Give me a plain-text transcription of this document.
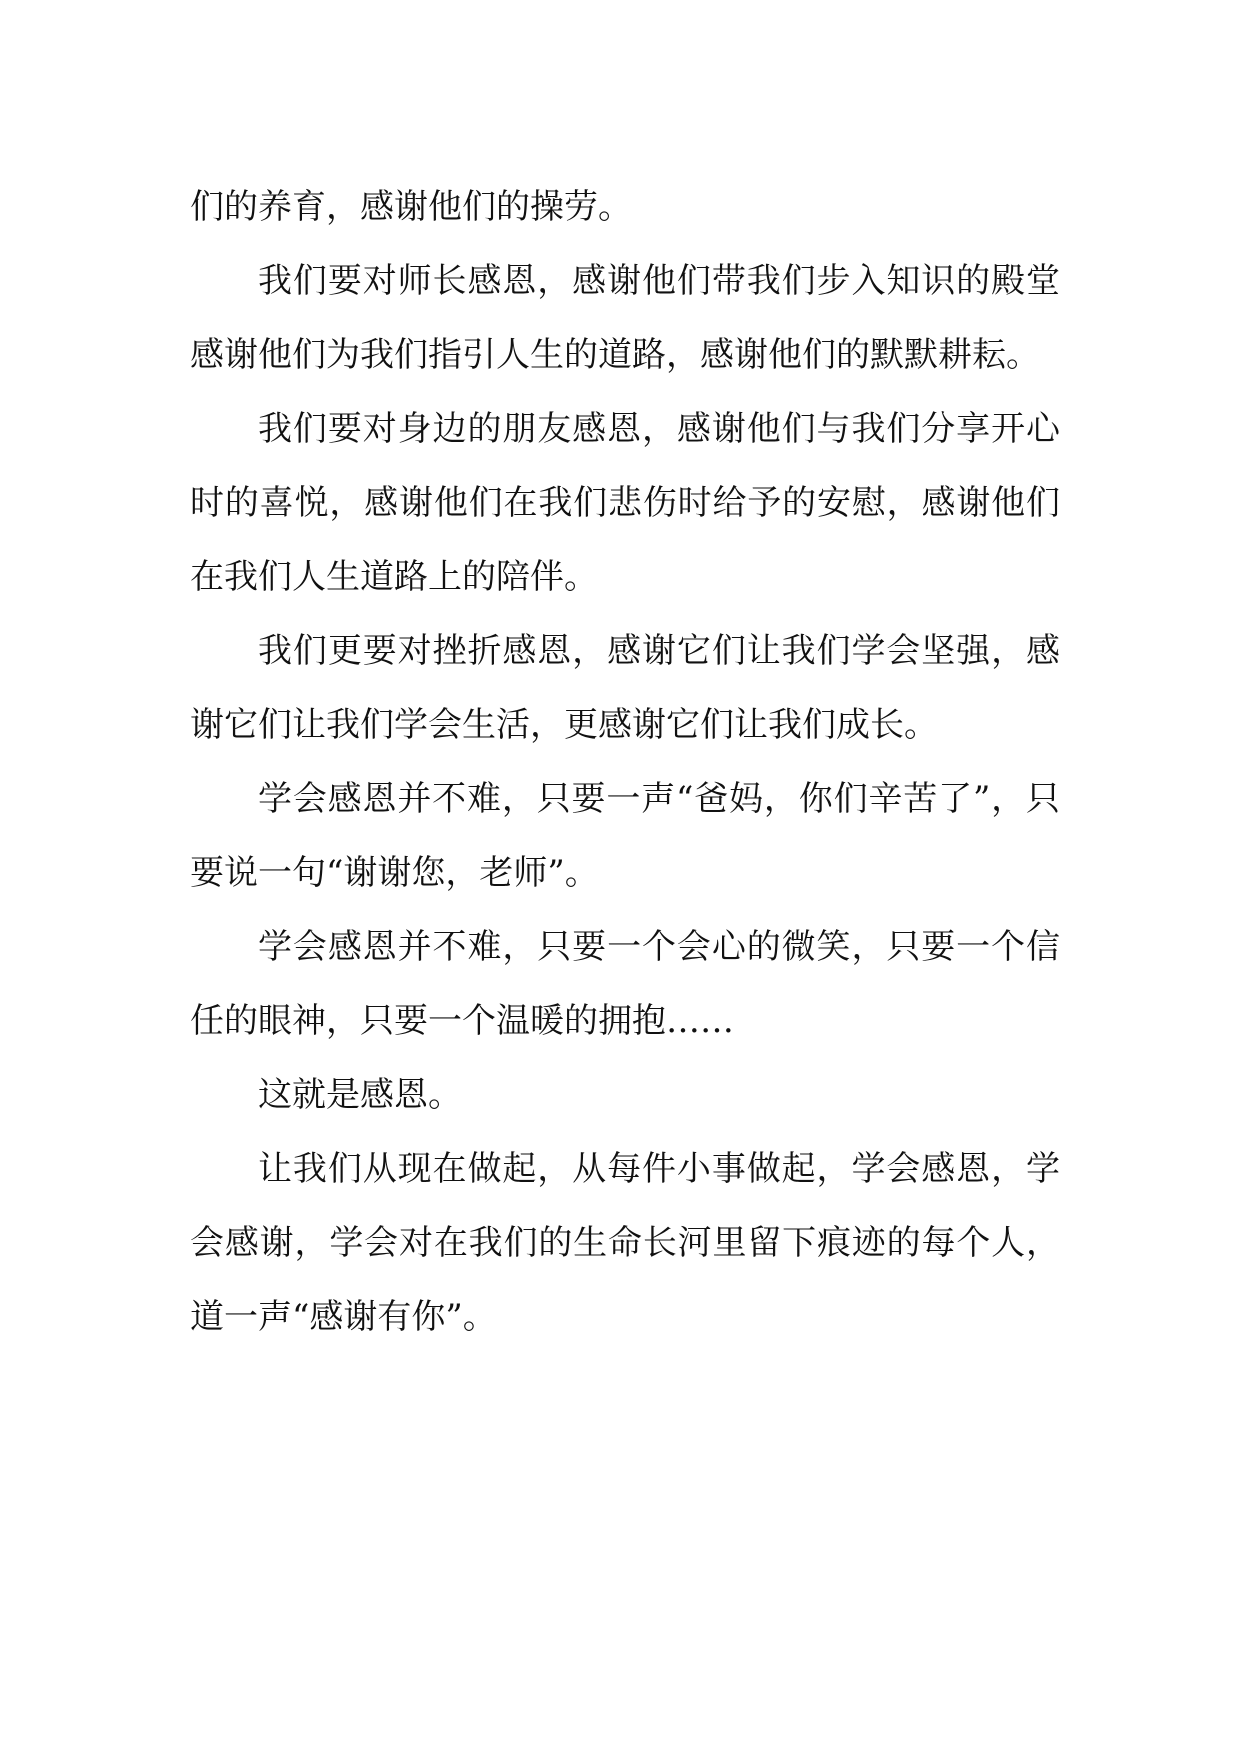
们的养育，感谢他们的操劳。

我们要对师长感恩，感谢他们带我们步入知识的殿堂感谢他们为我们指引人生的道路，感谢他们的默默耕耘。

我们要对身边的朋友感恩，感谢他们与我们分享开心时的喜悦，感谢他们在我们悲伤时给予的安慰，感谢他们在我们人生道路上的陪伴。

我们更要对挫折感恩，感谢它们让我们学会坚强，感谢它们让我们学会生活，更感谢它们让我们成长。

学会感恩并不难，只要一声“爸妈，你们辛苦了”，只要说一句“谢谢您，老师”。

学会感恩并不难，只要一个会心的微笑，只要一个信任的眼神，只要一个温暖的拥抱……

这就是感恩。

让我们从现在做起，从每件小事做起，学会感恩，学会感谢，学会对在我们的生命长河里留下痕迹的每个人，道一声“感谢有你”。
